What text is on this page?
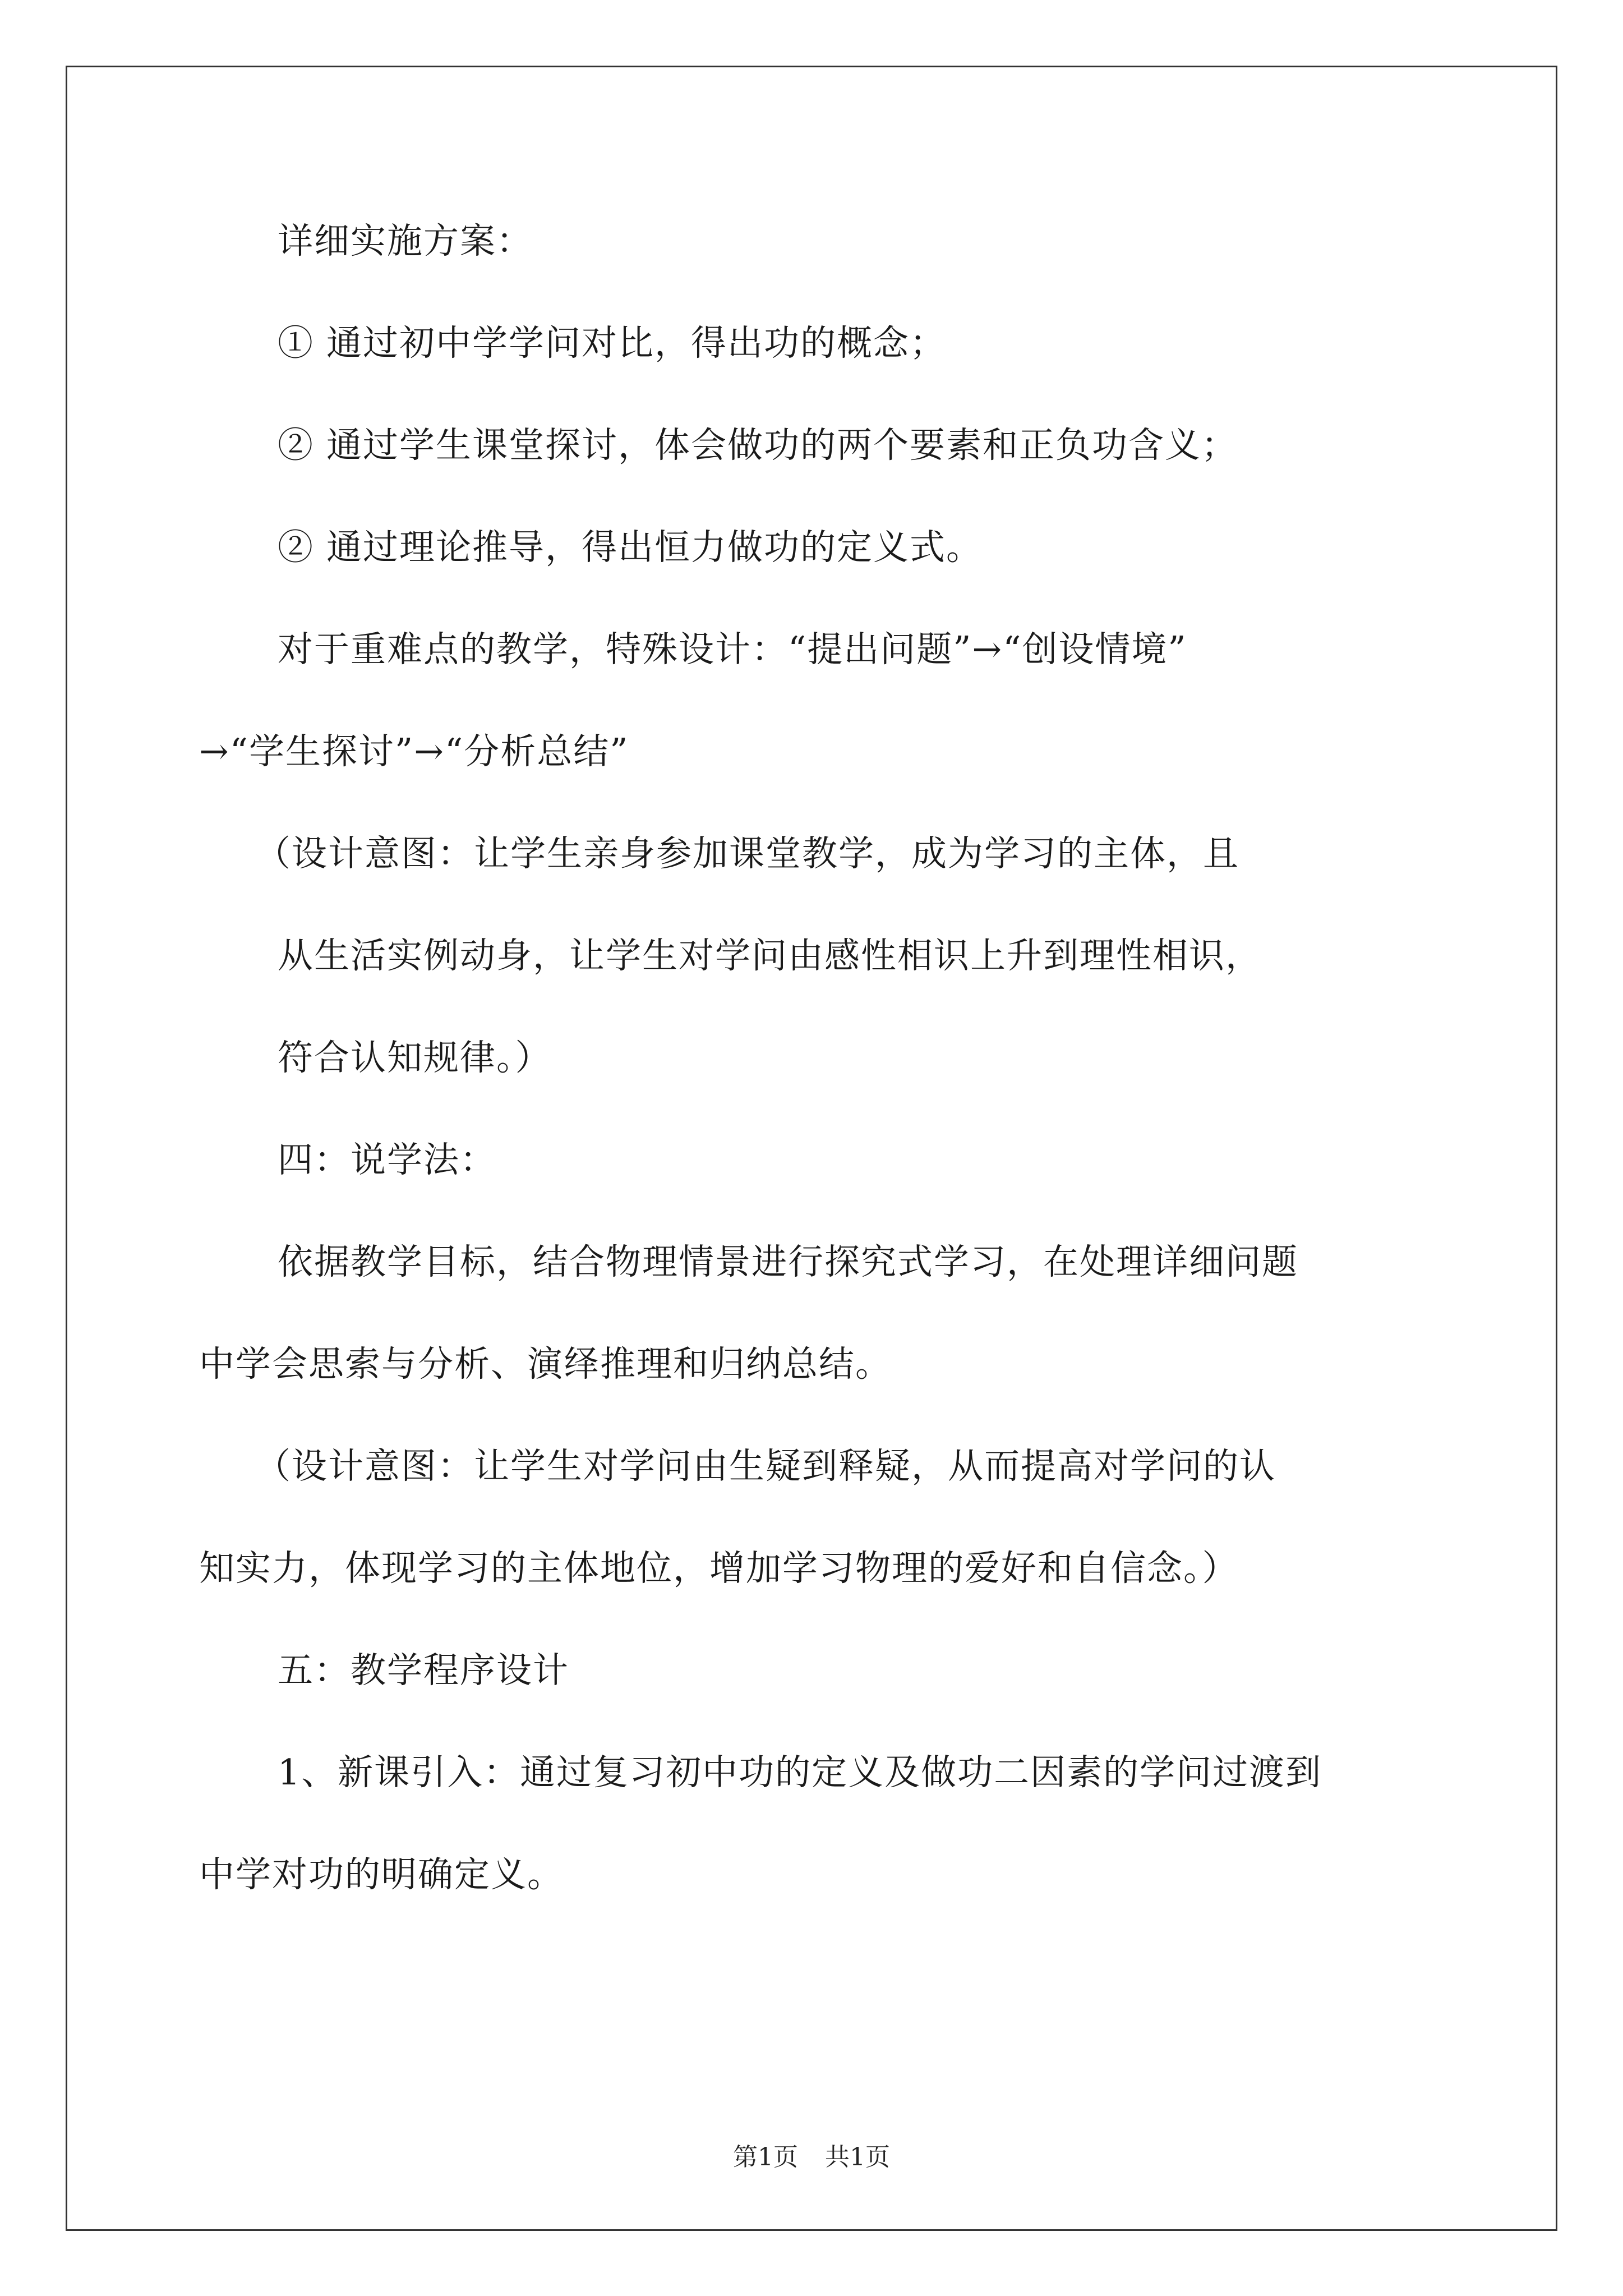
详细实施方案：
① 通过初中学学问对比，得出功的概念；
② 通过学生课堂探讨，体会做功的两个要素和正负功含义；
② 通过理论推导，得出恒力做功的定义式。
对于重难点的教学，特殊设计：“提出问题”→“创设情境”
→“学生探讨”→“分析总结”
（设计意图：让学生亲身参加课堂教学，成为学习的主体，且
从生活实例动身，让学生对学问由感性相识上升到理性相识，
符合认知规律。）
四：说学法：
依据教学目标，结合物理情景进行探究式学习，在处理详细问题
中学会思索与分析、演绎推理和归纳总结。
（设计意图：让学生对学问由生疑到释疑，从而提高对学问的认
知实力，体现学习的主体地位，增加学习物理的爱好和自信念。）
五：教学程序设计
1、新课引入：通过复习初中功的定义及做功二因素的学问过渡到
中学对功的明确定义。
第1页 共1页
